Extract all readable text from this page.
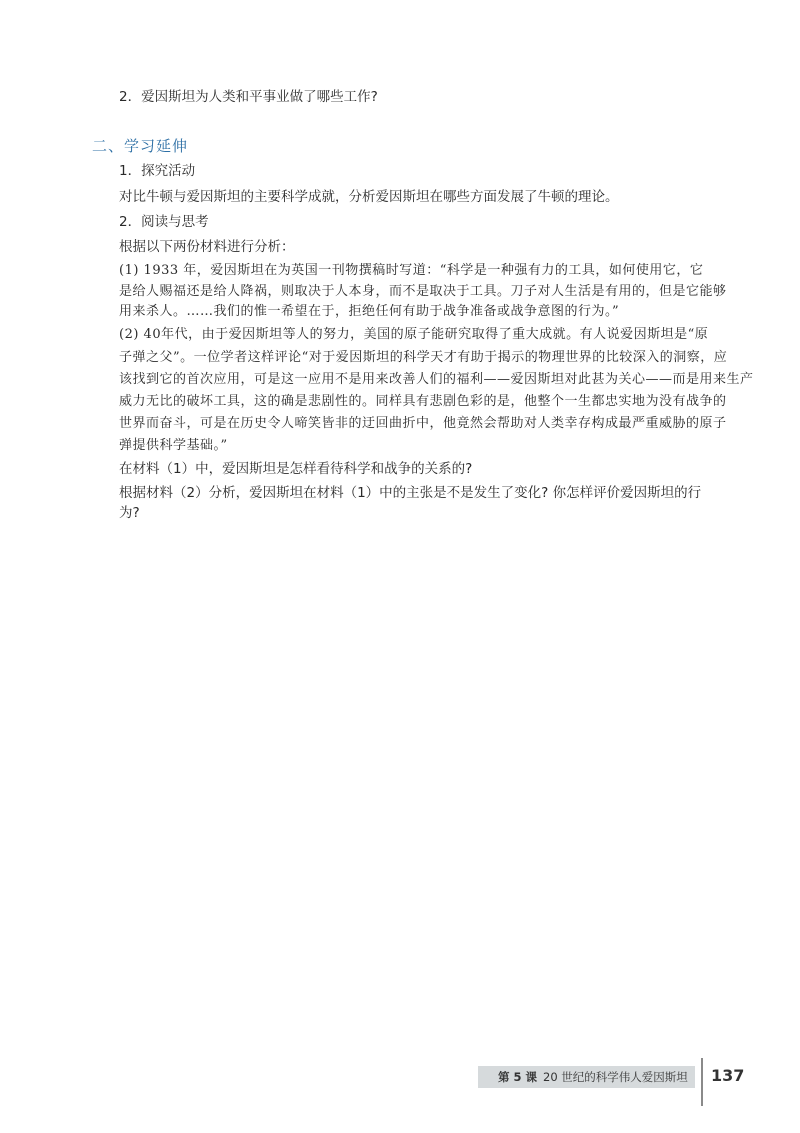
2．爱因斯坦为人类和平事业做了哪些工作?
二、学习延伸
1．探究活动
对比牛顿与爱因斯坦的主要科学成就，分析爱因斯坦在哪些方面发展了牛顿的理论。
2．阅读与思考
根据以下两份材料进行分析：
(1) 1933 年，爱因斯坦在为英国一刊物撰稿时写道：“科学是一种强有力的工具，如何使用它，它
是给人赐福还是给人降祸，则取决于人本身，而不是取决于工具。刀子对人生活是有用的，但是它能够
用来杀人。……我们的惟一希望在于，拒绝任何有助于战争准备或战争意图的行为。”
(2) 40年代，由于爱因斯坦等人的努力，美国的原子能研究取得了重大成就。有人说爱因斯坦是“原
子弹之父”。一位学者这样评论“对于爱因斯坦的科学天才有助于揭示的物理世界的比较深入的洞察，应
该找到它的首次应用，可是这一应用不是用来改善人们的福利——爱因斯坦对此甚为关心——而是用来生产
威力无比的破坏工具，这的确是悲剧性的。同样具有悲剧色彩的是，他整个一生都忠实地为没有战争的
世界而奋斗，可是在历史令人啼笑皆非的迂回曲折中，他竟然会帮助对人类幸存构成最严重威胁的原子
弹提供科学基础。”
在材料（1）中，爱因斯坦是怎样看待科学和战争的关系的?
根据材料（2）分析，爱因斯坦在材料（1）中的主张是不是发生了变化? 你怎样评价爱因斯坦的行
为?
第 5 课 20 世纪的科学伟人爱因斯坦 137
